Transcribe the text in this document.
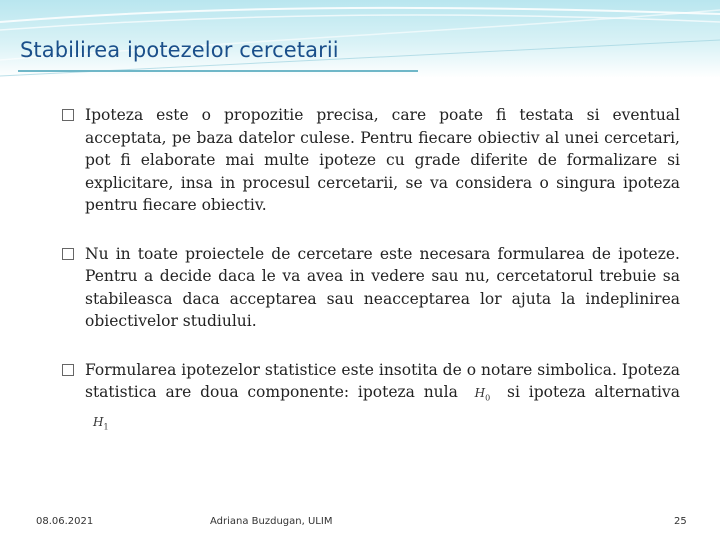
Stabilirea ipotezelor cercetarii

Ipoteza este o propozitie precisa, care poate fi testata si eventual acceptata, pe baza datelor culese. Pentru fiecare obiectiv al unei cercetari, pot fi elaborate mai multe ipoteze cu grade diferite de formalizare si explicitare, insa in procesul cercetarii, se va considera o singura ipoteza pentru fiecare obiectiv.

Nu in toate proiectele de cercetare este necesara formularea de ipoteze. Pentru a decide daca le va avea in vedere sau nu, cercetatorul trebuie sa stabileasca daca acceptarea sau neacceptarea lor ajuta la indeplinirea obiectivelor studiului.

Formularea ipotezelor statistice este insotita de o notare simbolica. Ipoteza statistica are doua componente: ipoteza nula $H_0$ si ipoteza alternativa $H_1$

08.06.2021	Adriana Buzdugan, ULIM	25
